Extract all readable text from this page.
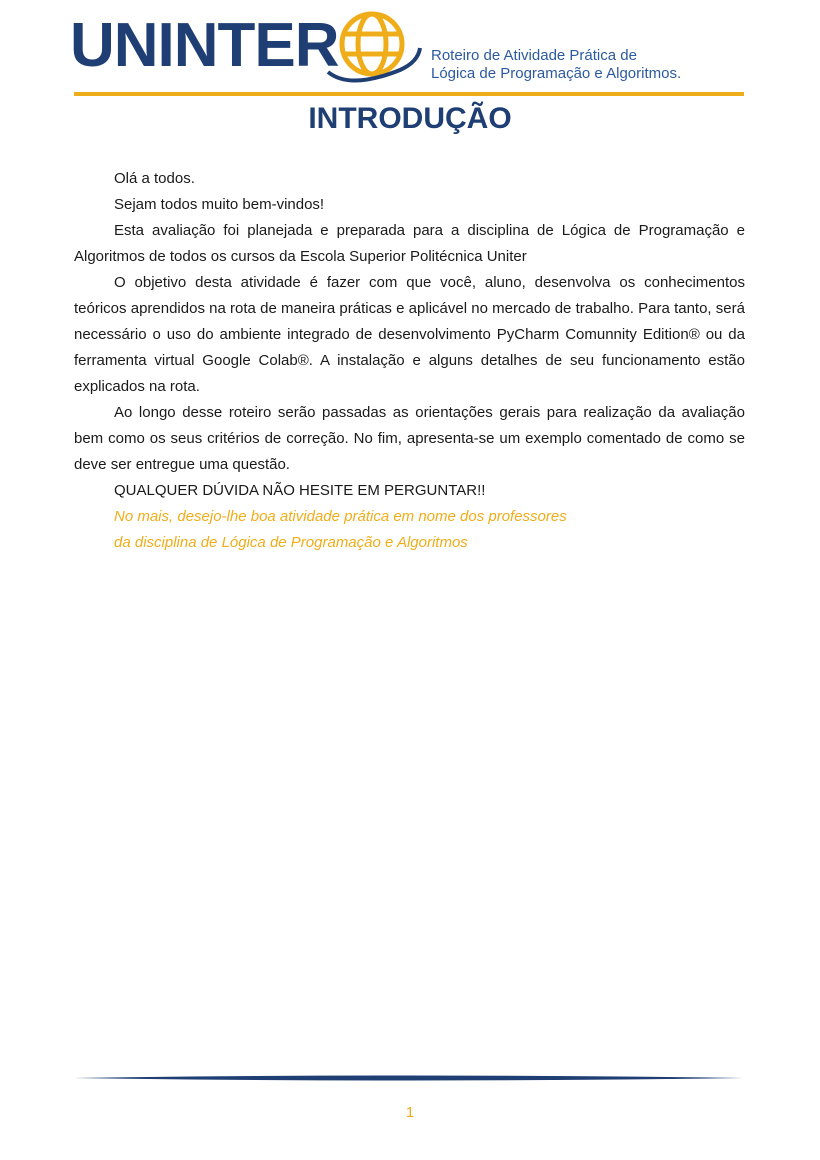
UNINTER	Roteiro de Atividade Prática de
Lógica de Programação e Algoritmos.
INTRODUÇÃO

Olá a todos.

Sejam todos muito bem-vindos!

Esta avaliação foi planejada e preparada para a disciplina de Lógica de Programação e Algoritmos de todos os cursos da Escola Superior Politécnica Uniter

O objetivo desta atividade é fazer com que você, aluno, desenvolva os conhecimentos teóricos aprendidos na rota de maneira práticas e aplicável no mercado de trabalho. Para tanto, será necessário o uso do ambiente integrado de desenvolvimento PyCharm Comunnity Edition® ou da ferramenta virtual Google Colab®. A instalação e alguns detalhes de seu funcionamento estão explicados na rota.

Ao longo desse roteiro serão passadas as orientações gerais para realização da avaliação bem como os seus critérios de correção. No fim, apresenta-se um exemplo comentado de como se deve ser entregue uma questão.

QUALQUER DÚVIDA NÃO HESITE EM PERGUNTAR!!

No mais, desejo-lhe boa atividade prática em nome dos professores

da disciplina de Lógica de Programação e Algoritmos

1
